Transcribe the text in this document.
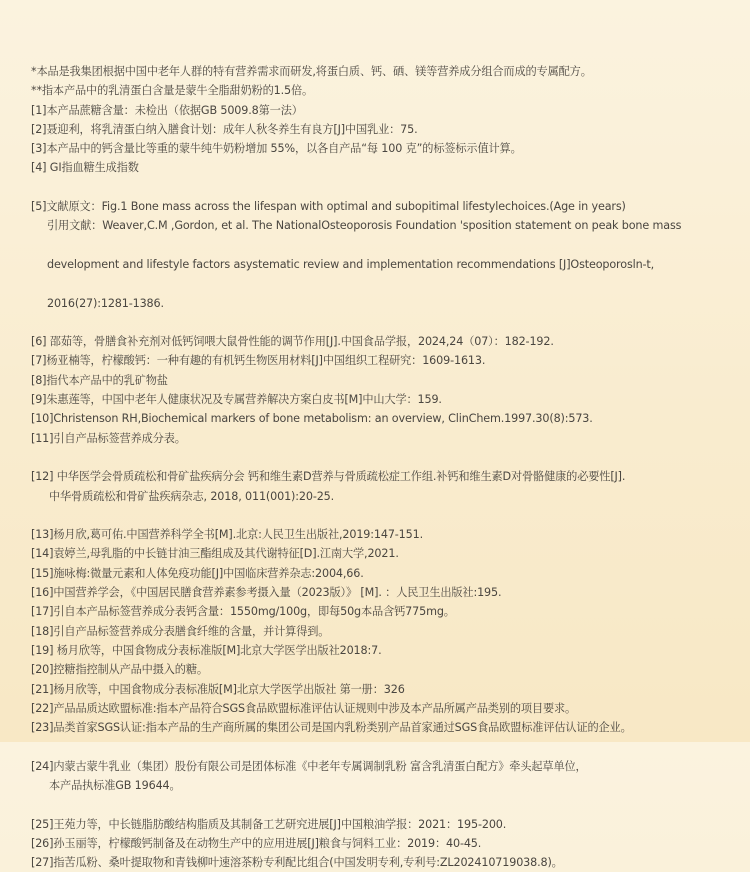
*本品是我集团根据中国中老年人群的特有营养需求而研发,将蛋白质、钙、硒、镁等营养成分组合而成的专属配方。
**指本产品中的乳清蛋白含量是蒙牛全脂甜奶粉的1.5倍。
[1]本产品蔗糖含量：未检出（依据GB 5009.8第一法）
[2]聂迎利，将乳清蛋白纳入膳食计划：成年人秋冬养生有良方[J]中国乳业：75.
[3]本产品中的钙含量比等重的蒙牛纯牛奶粉增加 55%，以各自产品“每 100 克”的标签标示值计算。
[4] GI指血糖生成指数

[5]文献原文：Fig.1 Bone mass across the lifespan with optimal and subopitimal lifestylechoices.(Age in years)

引用文献：Weaver,C.M ,Gordon, et al. The NationalOsteoporosis Foundation 'sposition statement on peak bone mass

development and lifestyle factors asystematic review and implementation recommendations [J]Osteoporosln-t,

2016(27):1281-1386.

[6] 邵茹等，骨膳食补充剂对低钙饲喂大鼠骨性能的调节作用[J].中国食品学报，2024,24（07）：182-192.
[7]杨亚楠等，柠檬酸钙：一种有趣的有机钙生物医用材料[J]中国组织工程研究：1609-1613.
[8]指代本产品中的乳矿物盐
[9]朱惠莲等，中国中老年人健康状况及专属营养解决方案白皮书[M]中山大学：159.
[10]Christenson RH,Biochemical markers of bone metabolism: an overview, ClinChem.1997.30(8):573.
[11]引自产品标签营养成分表。

[12] 中华医学会骨质疏松和骨矿盐疾病分会 钙和维生素D营养与骨质疏松症工作组.补钙和维生素D对骨骼健康的必要性[J].

中华骨质疏松和骨矿盐疾病杂志, 2018, 011(001):20-25.

[13]杨月欣,葛可佑.中国营养科学全书[M].北京:人民卫生出版社,2019:147-151.
[14]袁婷兰,母乳脂的中长链甘油三酯组成及其代谢特征[D].江南大学,2021.
[15]施咏梅:微量元素和人体免疫功能[J]中国临床营养杂志:2004,66.
[16]中国营养学会，《中国居民膳食营养素参考摄入量（2023版）》 [M]. ：人民卫生出版社:195.
[17]引自本产品标签营养成分表钙含量：1550mg/100g，即每50g本品含钙775mg。
[18]引自产品标签营养成分表膳食纤维的含量，并计算得到。
[19] 杨月欣等，中国食物成分表标准版[M]北京大学医学出版社2018:7.
[20]控糖指控制从产品中摄入的糖。
[21]杨月欣等，中国食物成分表标准版[M]北京大学医学出版社 第一册：326
[22]产品品质达欧盟标准:指本产品符合SGS食品欧盟标准评估认证规则中涉及本产品所属产品类别的项目要求。
[23]品类首家SGS认证:指本产品的生产商所属的集团公司是国内乳粉类别产品首家通过SGS食品欧盟标准评估认证的企业。

[24]内蒙古蒙牛乳业（集团）股份有限公司是团体标准《中老年专属调制乳粉 富含乳清蛋白配方》牵头起草单位，

本产品执标准GB 19644。

[25]王苑力等，中长链脂肪酸结构脂质及其制备工艺研究进展[J]中国粮油学报：2021：195-200.
[26]孙玉丽等，柠檬酸钙制备及在动物生产中的应用进展[J]粮食与饲料工业：2019：40-45.
[27]指苦瓜粉、桑叶提取物和青钱柳叶速溶茶粉专利配比组合(中国发明专利,专利号:ZL202410719038.8)。
